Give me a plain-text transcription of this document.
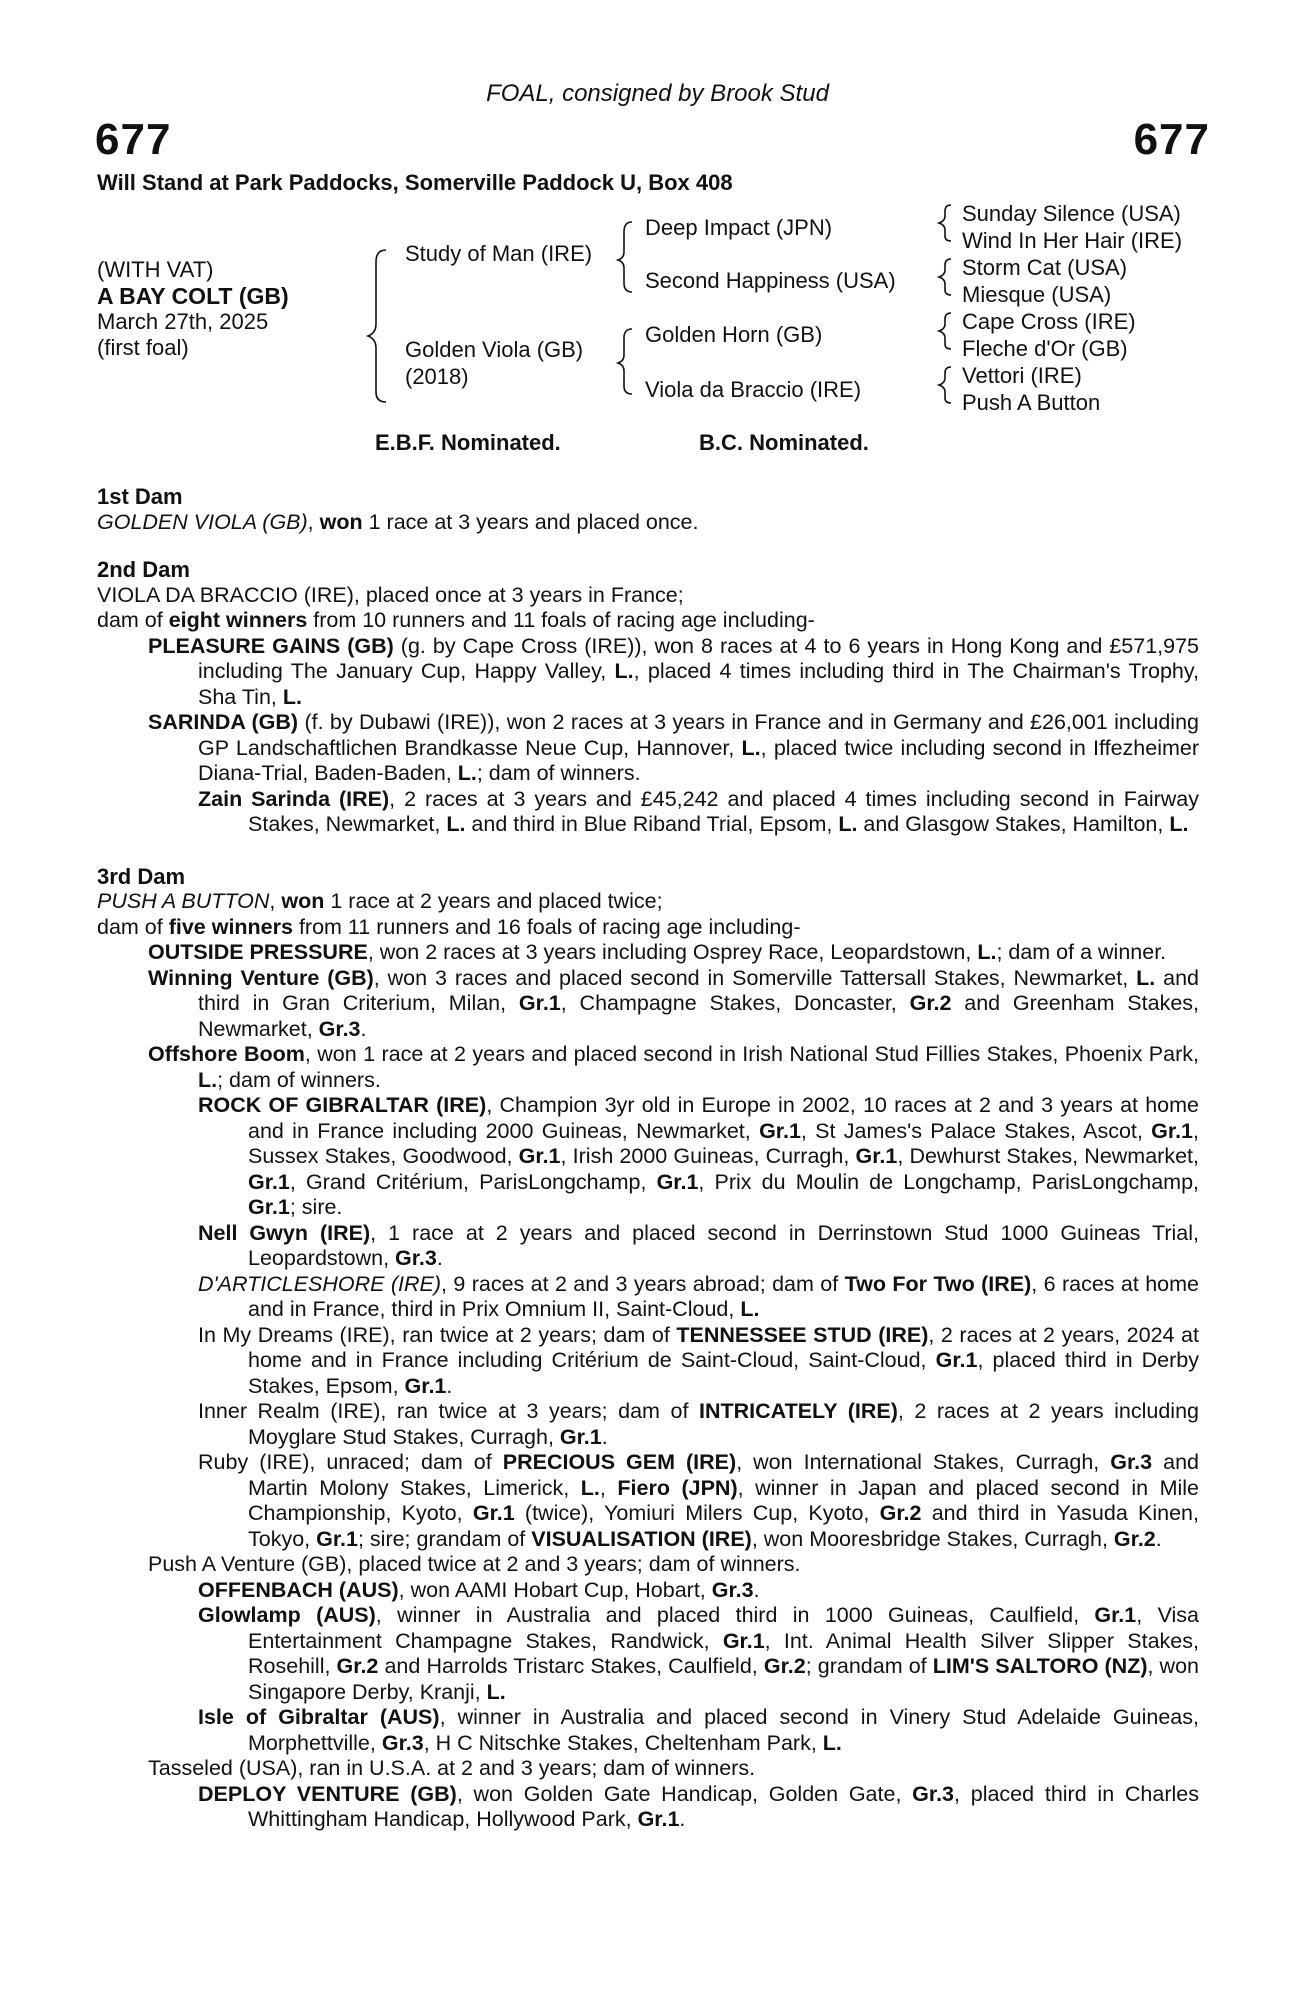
FOAL, consigned by Brook Stud
677	677
Will Stand at Park Paddocks, Somerville Paddock U, Box 408
(WITH VAT)
A BAY COLT (GB)
March 27th, 2025
(first foal)
Study of Man (IRE)
Golden Viola (GB)
(2018)
Deep Impact (JPN)
Second Happiness (USA)
Golden Horn (GB)
Viola da Braccio (IRE)
Sunday Silence (USA)
Wind In Her Hair (IRE)
Storm Cat (USA)
Miesque (USA)
Cape Cross (IRE)
Fleche d'Or (GB)
Vettori (IRE)
Push A Button
E.B.F. Nominated.	B.C. Nominated.

1st Dam

GOLDEN VIOLA (GB), won 1 race at 3 years and placed once.

2nd Dam

VIOLA DA BRACCIO (IRE), placed once at 3 years in France;

dam of eight winners from 10 runners and 11 foals of racing age including-

PLEASURE GAINS (GB) (g. by Cape Cross (IRE)), won 8 races at 4 to 6 years in Hong Kong and £571,975 including The January Cup, Happy Valley, L., placed 4 times including third in The Chairman's Trophy, Sha Tin, L.

SARINDA (GB) (f. by Dubawi (IRE)), won 2 races at 3 years in France and in Germany and £26,001 including GP Landschaftlichen Brandkasse Neue Cup, Hannover, L., placed twice including second in Iffezheimer Diana-Trial, Baden-Baden, L.; dam of winners.

Zain Sarinda (IRE), 2 races at 3 years and £45,242 and placed 4 times including second in Fairway Stakes, Newmarket, L. and third in Blue Riband Trial, Epsom, L. and Glasgow Stakes, Hamilton, L.

3rd Dam

PUSH A BUTTON, won 1 race at 2 years and placed twice;

dam of five winners from 11 runners and 16 foals of racing age including-

OUTSIDE PRESSURE, won 2 races at 3 years including Osprey Race, Leopardstown, L.; dam of a winner.

Winning Venture (GB), won 3 races and placed second in Somerville Tattersall Stakes, Newmarket, L. and third in Gran Criterium, Milan, Gr.1, Champagne Stakes, Doncaster, Gr.2 and Greenham Stakes, Newmarket, Gr.3.

Offshore Boom, won 1 race at 2 years and placed second in Irish National Stud Fillies Stakes, Phoenix Park, L.; dam of winners.

ROCK OF GIBRALTAR (IRE), Champion 3yr old in Europe in 2002, 10 races at 2 and 3 years at home and in France including 2000 Guineas, Newmarket, Gr.1, St James's Palace Stakes, Ascot, Gr.1, Sussex Stakes, Goodwood, Gr.1, Irish 2000 Guineas, Curragh, Gr.1, Dewhurst Stakes, Newmarket, Gr.1, Grand Critérium, ParisLongchamp, Gr.1, Prix du Moulin de Longchamp, ParisLongchamp, Gr.1; sire.

Nell Gwyn (IRE), 1 race at 2 years and placed second in Derrinstown Stud 1000 Guineas Trial, Leopardstown, Gr.3.

D'ARTICLESHORE (IRE), 9 races at 2 and 3 years abroad; dam of Two For Two (IRE), 6 races at home and in France, third in Prix Omnium II, Saint-Cloud, L.

In My Dreams (IRE), ran twice at 2 years; dam of TENNESSEE STUD (IRE), 2 races at 2 years, 2024 at home and in France including Critérium de Saint-Cloud, Saint-Cloud, Gr.1, placed third in Derby Stakes, Epsom, Gr.1.

Inner Realm (IRE), ran twice at 3 years; dam of INTRICATELY (IRE), 2 races at 2 years including Moyglare Stud Stakes, Curragh, Gr.1.

Ruby (IRE), unraced; dam of PRECIOUS GEM (IRE), won International Stakes, Curragh, Gr.3 and Martin Molony Stakes, Limerick, L., Fiero (JPN), winner in Japan and placed second in Mile Championship, Kyoto, Gr.1 (twice), Yomiuri Milers Cup, Kyoto, Gr.2 and third in Yasuda Kinen, Tokyo, Gr.1; sire; grandam of VISUALISATION (IRE), won Mooresbridge Stakes, Curragh, Gr.2.

Push A Venture (GB), placed twice at 2 and 3 years; dam of winners.

OFFENBACH (AUS), won AAMI Hobart Cup, Hobart, Gr.3.

Glowlamp (AUS), winner in Australia and placed third in 1000 Guineas, Caulfield, Gr.1, Visa Entertainment Champagne Stakes, Randwick, Gr.1, Int. Animal Health Silver Slipper Stakes, Rosehill, Gr.2 and Harrolds Tristarc Stakes, Caulfield, Gr.2; grandam of LIM'S SALTORO (NZ), won Singapore Derby, Kranji, L.

Isle of Gibraltar (AUS), winner in Australia and placed second in Vinery Stud Adelaide Guineas, Morphettville, Gr.3, H C Nitschke Stakes, Cheltenham Park, L.

Tasseled (USA), ran in U.S.A. at 2 and 3 years; dam of winners.

DEPLOY VENTURE (GB), won Golden Gate Handicap, Golden Gate, Gr.3, placed third in Charles Whittingham Handicap, Hollywood Park, Gr.1.
